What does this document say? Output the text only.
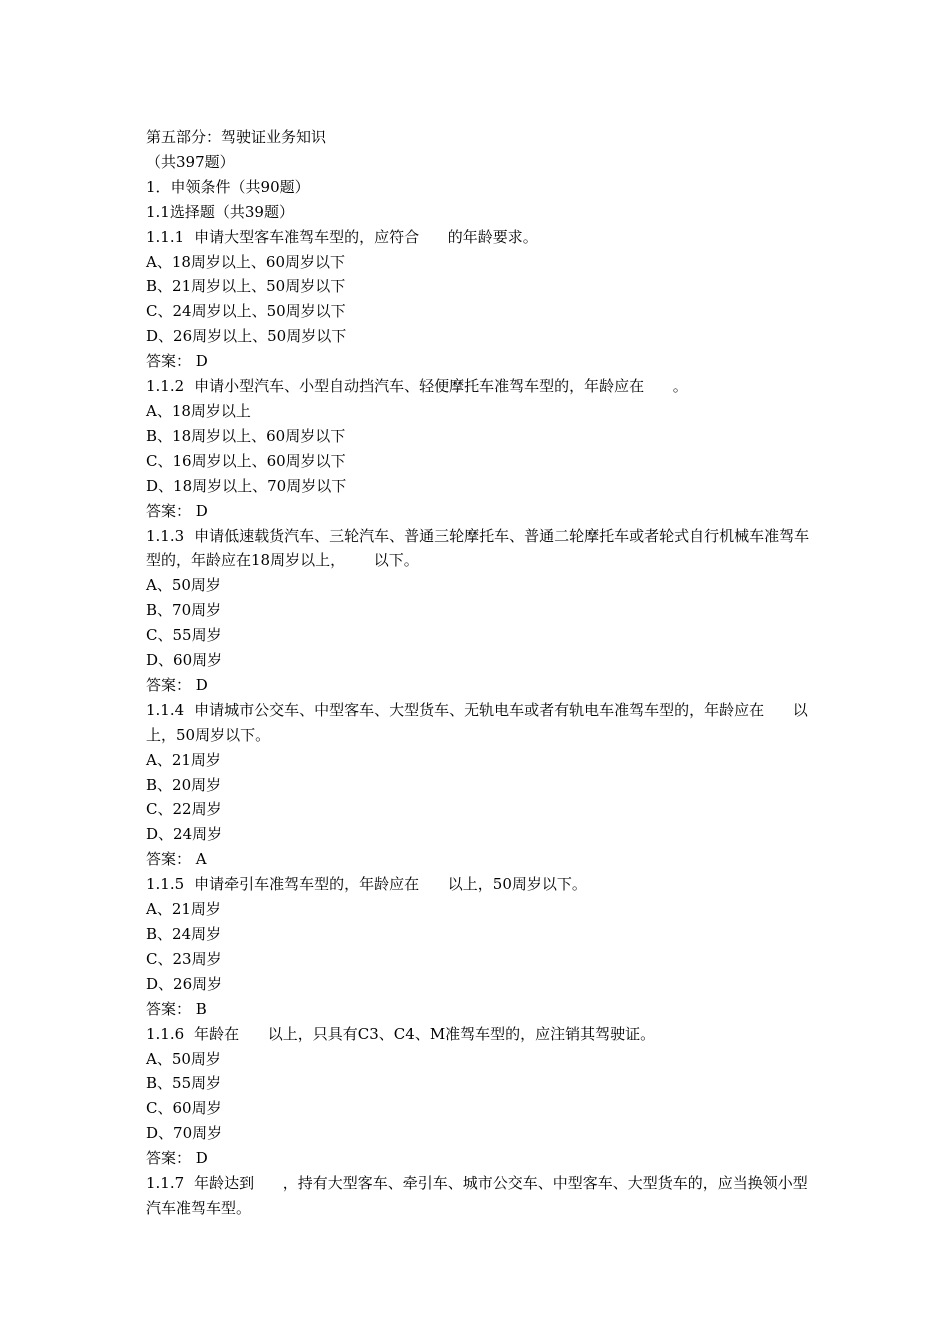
第五部分：驾驶证业务知识
（共397题）
1．申领条件（共90题）
1.1选择题（共39题）
1.1.1 申请大型客车准驾车型的，应符合      的年龄要求。
A、18周岁以上、60周岁以下
B、21周岁以上、50周岁以下
C、24周岁以上、50周岁以下
D、26周岁以上、50周岁以下
答案： D
1.1.2 申请小型汽车、小型自动挡汽车、轻便摩托车准驾车型的，年龄应在      。
A、18周岁以上
B、18周岁以上、60周岁以下
C、16周岁以上、60周岁以下
D、18周岁以上、70周岁以下
答案： D
1.1.3 申请低速载货汽车、三轮汽车、普通三轮摩托车、普通二轮摩托车或者轮式自行机械车准驾车型的，年龄应在18周岁以上，      以下。
A、50周岁
B、70周岁
C、55周岁
D、60周岁
答案： D
1.1.4 申请城市公交车、中型客车、大型货车、无轨电车或者有轨电车准驾车型的，年龄应在      以上，50周岁以下。
A、21周岁
B、20周岁
C、22周岁
D、24周岁
答案： A
1.1.5 申请牵引车准驾车型的，年龄应在      以上，50周岁以下。
A、21周岁
B、24周岁
C、23周岁
D、26周岁
答案： B
1.1.6 年龄在      以上，只具有C3、C4、M准驾车型的，应注销其驾驶证。
A、50周岁
B、55周岁
C、60周岁
D、70周岁
答案： D
1.1.7 年龄达到      ，持有大型客车、牵引车、城市公交车、中型客车、大型货车的，应当换领小型汽车准驾车型。
